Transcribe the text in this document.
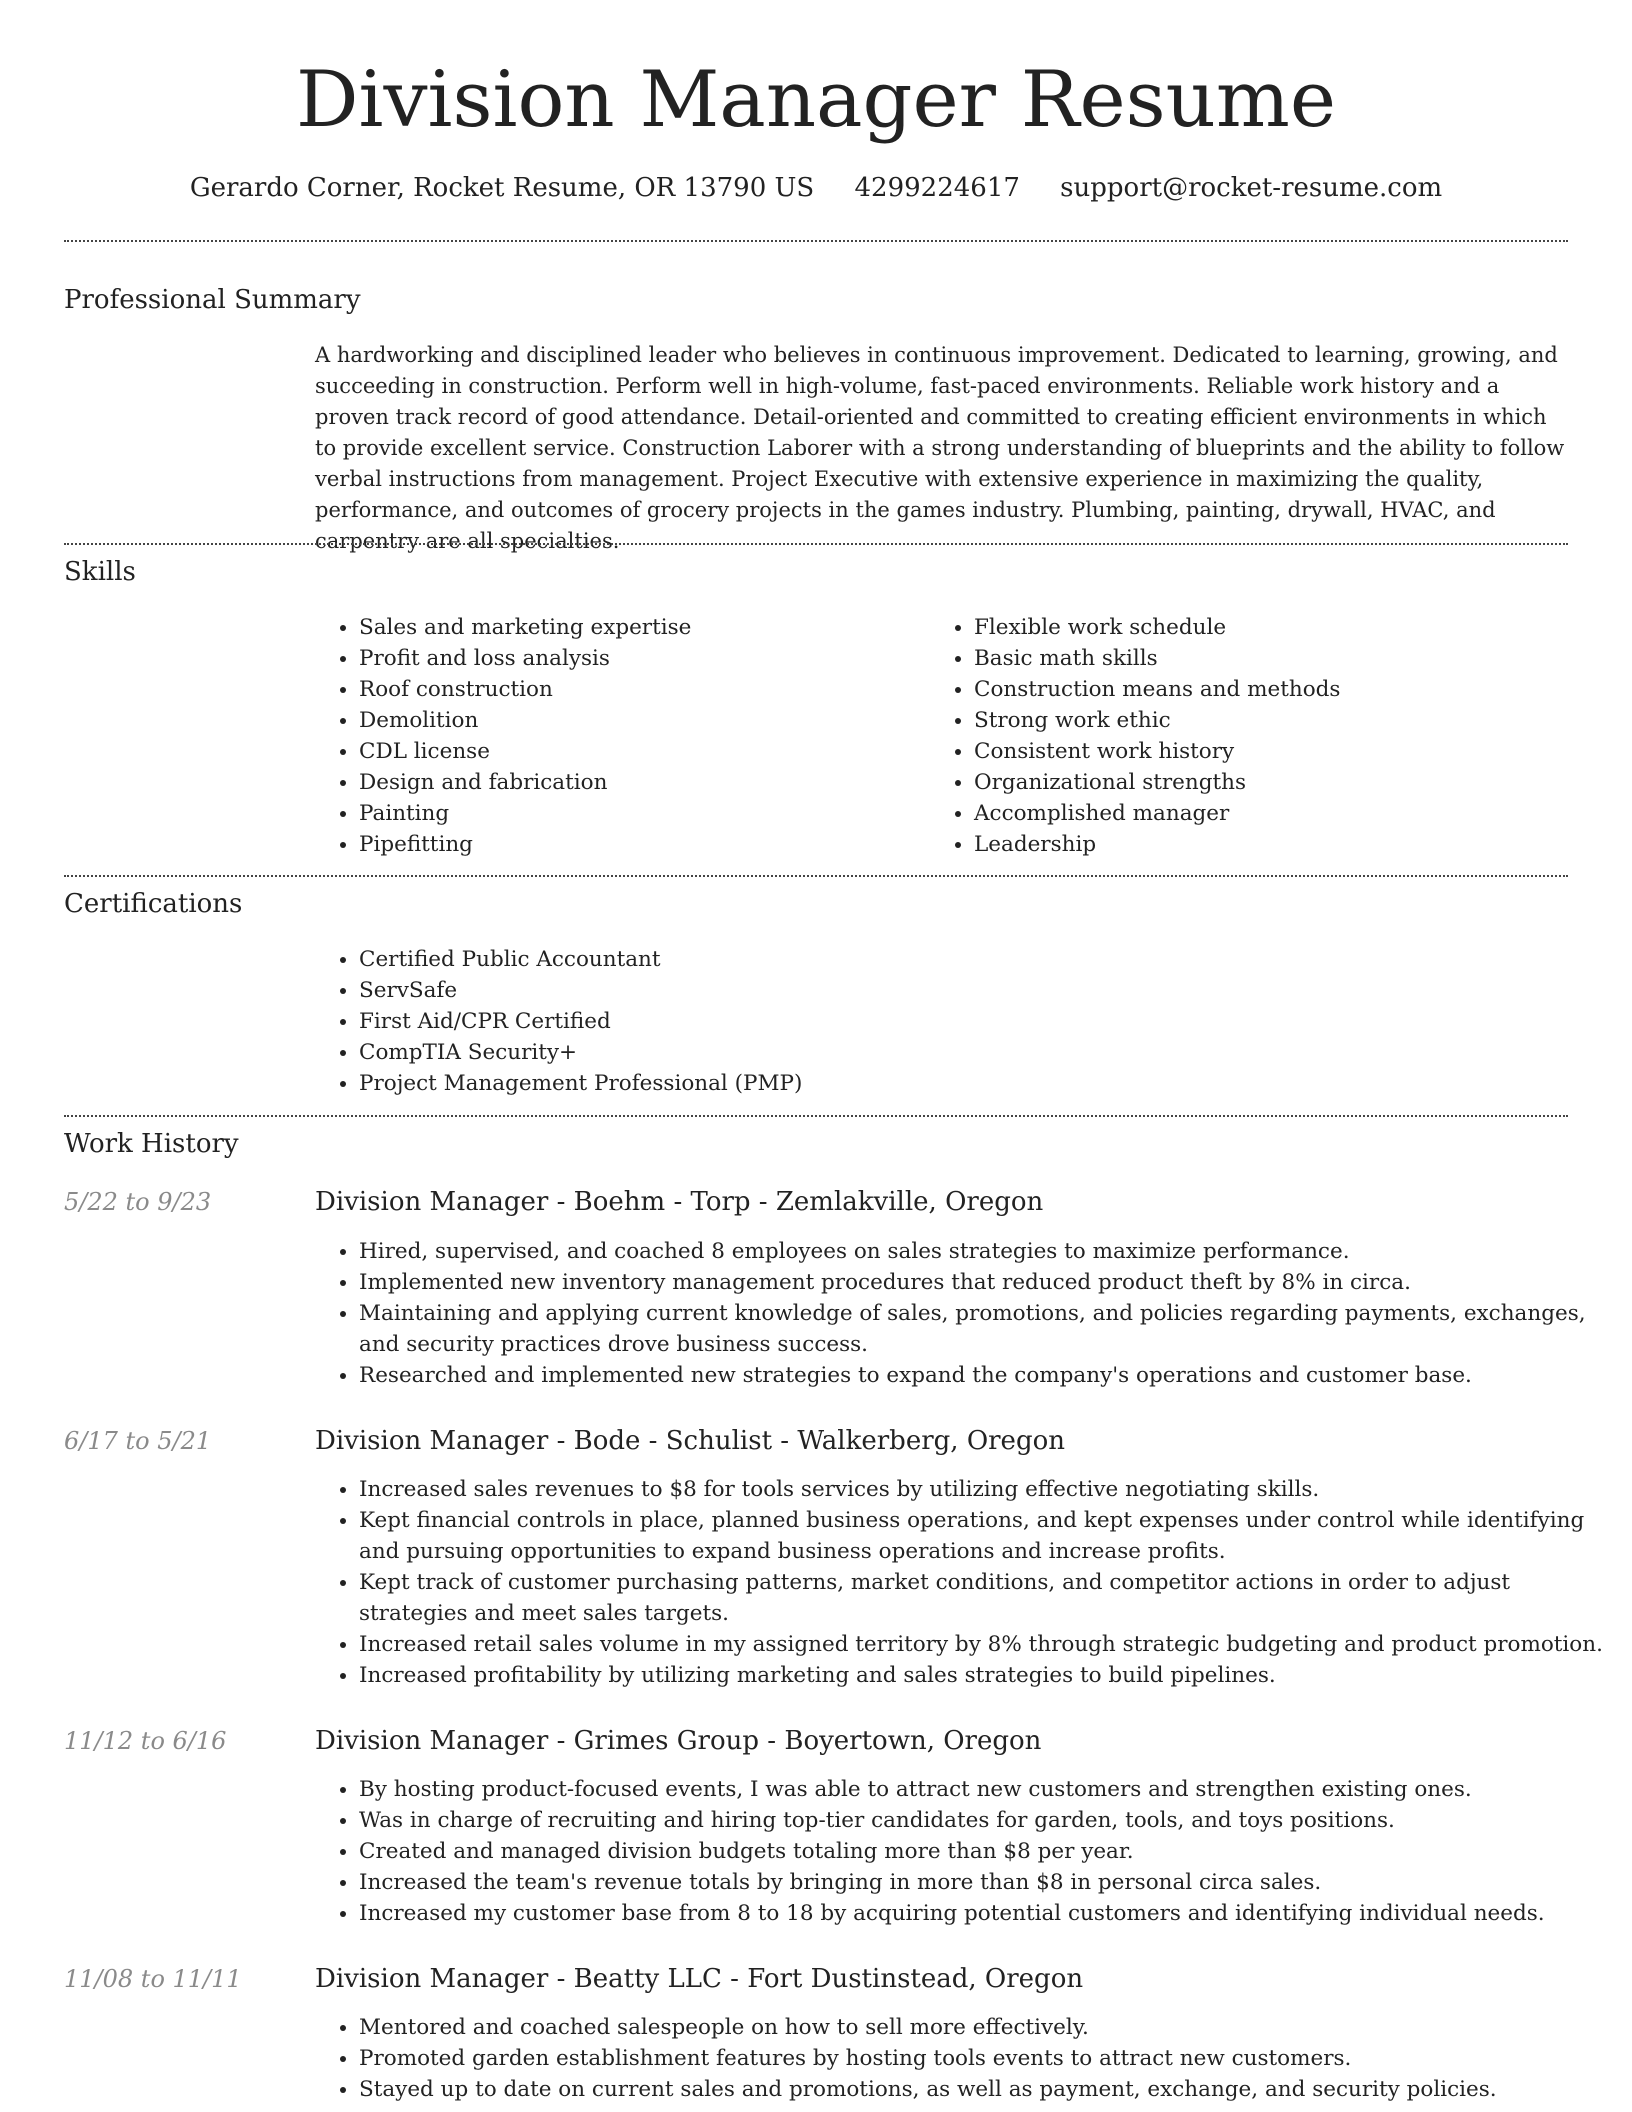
Division Manager Resume
Gerardo Corner, Rocket Resume, OR 13790 US 4299224617 support@rocket-resume.com
Professional Summary

A hardworking and disciplined leader who believes in continuous improvement. Dedicated to learning, growing, and succeeding in construction. Perform well in high-volume, fast-paced environments. Reliable work history and a proven track record of good attendance. Detail-oriented and committed to creating efficient environments in which to provide excellent service. Construction Laborer with a strong understanding of blueprints and the ability to follow verbal instructions from management. Project Executive with extensive experience in maximizing the quality, performance, and outcomes of grocery projects in the games industry. Plumbing, painting, drywall, HVAC, and carpentry are all specialties.

Skills
• Sales and marketing expertise
• Profit and loss analysis
• Roof construction
• Demolition
• CDL license
• Design and fabrication
• Painting
• Pipefitting
• Flexible work schedule
• Basic math skills
• Construction means and methods
• Strong work ethic
• Consistent work history
• Organizational strengths
• Accomplished manager
• Leadership
Certifications
• Certified Public Accountant
• ServSafe
• First Aid/CPR Certified
• CompTIA Security+
• Project Management Professional (PMP)
Work History
5/22 to 9/23	Division Manager - Boehm - Torp - Zemlakville, Oregon
• Hired, supervised, and coached 8 employees on sales strategies to maximize performance.
• Implemented new inventory management procedures that reduced product theft by 8% in circa.
• Maintaining and applying current knowledge of sales, promotions, and policies regarding payments, exchanges, and security practices drove business success.
• Researched and implemented new strategies to expand the company's operations and customer base.
6/17 to 5/21	Division Manager - Bode - Schulist - Walkerberg, Oregon
• Increased sales revenues to $8 for tools services by utilizing effective negotiating skills.
• Kept financial controls in place, planned business operations, and kept expenses under control while identifying and pursuing opportunities to expand business operations and increase profits.
• Kept track of customer purchasing patterns, market conditions, and competitor actions in order to adjust strategies and meet sales targets.
• Increased retail sales volume in my assigned territory by 8% through strategic budgeting and product promotion.
• Increased profitability by utilizing marketing and sales strategies to build pipelines.
11/12 to 6/16	Division Manager - Grimes Group - Boyertown, Oregon
• By hosting product-focused events, I was able to attract new customers and strengthen existing ones.
• Was in charge of recruiting and hiring top-tier candidates for garden, tools, and toys positions.
• Created and managed division budgets totaling more than $8 per year.
• Increased the team's revenue totals by bringing in more than $8 in personal circa sales.
• Increased my customer base from 8 to 18 by acquiring potential customers and identifying individual needs.
11/08 to 11/11	Division Manager - Beatty LLC - Fort Dustinstead, Oregon
• Mentored and coached salespeople on how to sell more effectively.
• Promoted garden establishment features by hosting tools events to attract new customers.
• Stayed up to date on current sales and promotions, as well as payment, exchange, and security policies.
